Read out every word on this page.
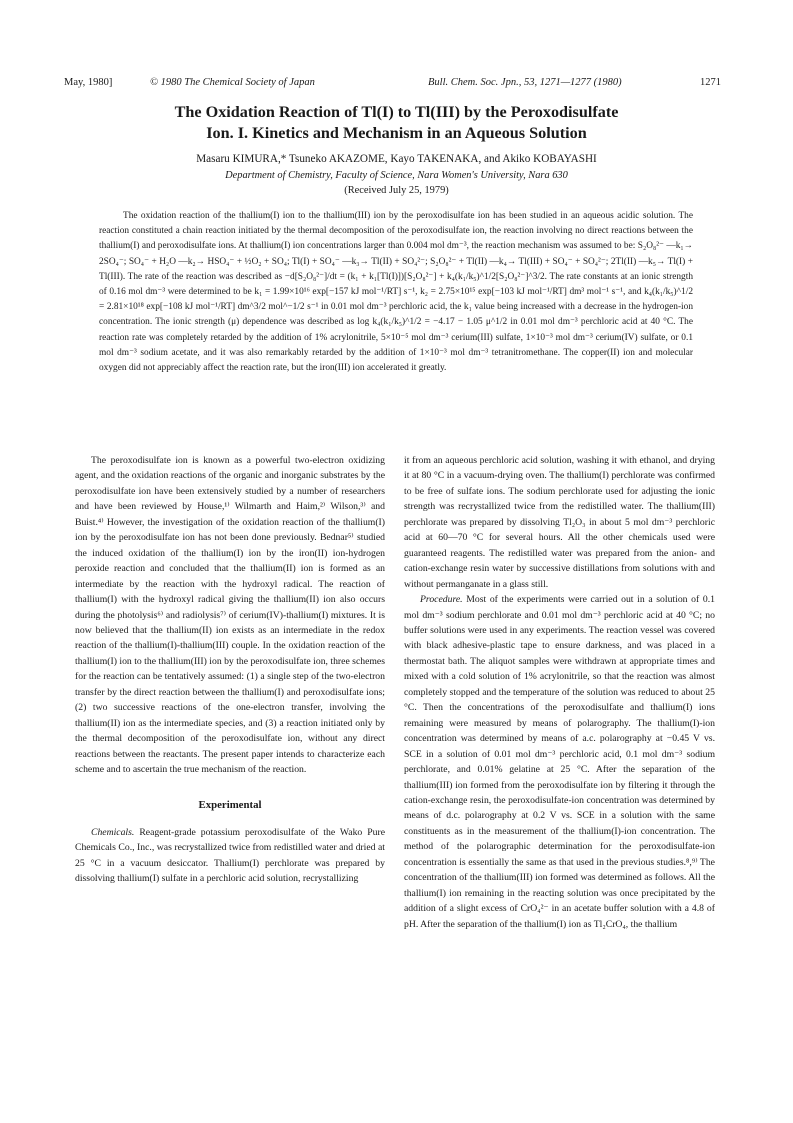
May, 1980]	© 1980 The Chemical Society of Japan	Bull. Chem. Soc. Jpn., 53, 1271—1277 (1980)	1271
The Oxidation Reaction of Tl(I) to Tl(III) by the Peroxodisulfate
Ion. I. Kinetics and Mechanism in an Aqueous Solution
Masaru KIMURA,* Tsuneko AKAZOME, Kayo TAKENAKA, and Akiko KOBAYASHI
Department of Chemistry, Faculty of Science, Nara Women's University, Nara 630
(Received July 25, 1979)

The oxidation reaction of the thallium(I) ion to the thallium(III) ion by the peroxodisulfate ion has been studied in an aqueous acidic solution. The reaction constituted a chain reaction initiated by the thermal decomposition of the peroxodisulfate ion, the reaction involving no direct reactions between the thallium(I) and peroxodisulfate ions. At thallium(I) ion concentrations larger than 0.004 mol dm⁻³, the reaction mechanism was assumed to be: S₂O₈²⁻ —k₁→ 2SO₄⁻; SO₄⁻ + H₂O —k₂→ HSO₄⁻ + ½O₂ + SO₄; Tl(I) + SO₄⁻ —k₃→ Tl(II) + SO₄²⁻; S₂O₈²⁻ + Tl(II) —k₄→ Tl(III) + SO₄⁻ + SO₄²⁻; 2Tl(II) —k₅→ Tl(I) + Tl(III). The rate of the reaction was described as −d[S₂O₈²⁻]/dt = (k₁ + k₁[Tl(I)])[S₂O₈²⁻] + k₄(k₁/k₅)^1/2[S₂O₈²⁻]^3/2. The rate constants at an ionic strength of 0.16 mol dm⁻³ were determined to be k₁ = 1.99×10¹⁶ exp[−157 kJ mol⁻¹/RT] s⁻¹, k₂ = 2.75×10¹⁵ exp[−103 kJ mol⁻¹/RT] dm³ mol⁻¹ s⁻¹, and k₄(k₁/k₅)^1/2 = 2.81×10¹⁸ exp[−108 kJ mol⁻¹/RT] dm^3/2 mol^−1/2 s⁻¹ in 0.01 mol dm⁻³ perchloric acid, the k₁ value being increased with a decrease in the hydrogen-ion concentration. The ionic strength (μ) dependence was described as log k₄(k₁/k₅)^1/2 = −4.17 − 1.05 μ^1/2 in 0.01 mol dm⁻³ perchloric acid at 40 °C. The reaction rate was completely retarded by the addition of 1% acrylonitrile, 5×10⁻⁵ mol dm⁻³ cerium(III) sulfate, 1×10⁻³ mol dm⁻³ cerium(IV) sulfate, or 0.1 mol dm⁻³ sodium acetate, and it was also remarkably retarded by the addition of 1×10⁻³ mol dm⁻³ tetranitromethane. The copper(II) ion and molecular oxygen did not appreciably affect the reaction rate, but the iron(III) ion accelerated it greatly.

The peroxodisulfate ion is known as a powerful two-electron oxidizing agent, and the oxidation reactions of the organic and inorganic substrates by the peroxodisulfate ion have been extensively studied by a number of researchers and have been reviewed by House,¹⁾ Wilmarth and Haim,²⁾ Wilson,³⁾ and Buist.⁴⁾ However, the investigation of the oxidation reaction of the thallium(I) ion by the peroxodisulfate ion has not been done previously. Bednar⁵⁾ studied the induced oxidation of the thallium(I) ion by the iron(II) ion-hydrogen peroxide reaction and concluded that the thallium(II) ion is formed as an intermediate by the reaction with the hydroxyl radical. The reaction of thallium(I) with the hydroxyl radical giving the thallium(II) ion also occurs during the photolysis⁶⁾ and radiolysis⁷⁾ of cerium(IV)-thallium(I) mixtures. It is now believed that the thallium(II) ion exists as an intermediate in the redox reaction of the thallium(I)-thallium(III) couple. In the oxidation reaction of the thallium(I) ion to the thallium(III) ion by the peroxodisulfate ion, three schemes for the reaction can be tentatively assumed: (1) a single step of the two-electron transfer by the direct reaction between the thallium(I) and peroxodisulfate ions; (2) two successive reactions of the one-electron transfer, involving the thallium(II) ion as the intermediate species, and (3) a reaction initiated only by the thermal decomposition of the peroxodisulfate ion, without any direct reactions between the reactants. The present paper intends to characterize each scheme and to ascertain the true mechanism of the reaction.

Experimental

Chemicals. Reagent-grade potassium peroxodisulfate of the Wako Pure Chemicals Co., Inc., was recrystallized twice from redistilled water and dried at 25 °C in a vacuum desiccator. Thallium(I) perchlorate was prepared by dissolving thallium(I) sulfate in a perchloric acid solution, recrystallizing

it from an aqueous perchloric acid solution, washing it with ethanol, and drying it at 80 °C in a vacuum-drying oven. The thallium(I) perchlorate was confirmed to be free of sulfate ions. The sodium perchlorate used for adjusting the ionic strength was recrystallized twice from the redistilled water. The thallium(III) perchlorate was prepared by dissolving Tl₂O₃ in about 5 mol dm⁻³ perchloric acid at 60—70 °C for several hours. All the other chemicals used were guaranteed reagents. The redistilled water was prepared from the anion- and cation-exchange resin water by successive distillations from solutions with and without permanganate in a glass still.

Procedure. Most of the experiments were carried out in a solution of 0.1 mol dm⁻³ sodium perchlorate and 0.01 mol dm⁻³ perchloric acid at 40 °C; no buffer solutions were used in any experiments. The reaction vessel was covered with black adhesive-plastic tape to ensure darkness, and was placed in a thermostat bath. The aliquot samples were withdrawn at appropriate times and mixed with a cold solution of 1% acrylonitrile, so that the reaction was almost completely stopped and the temperature of the solution was reduced to about 25 °C. Then the concentrations of the peroxodisulfate and thallium(I) ions remaining were measured by means of polarography. The thallium(I)-ion concentration was determined by means of a.c. polarography at −0.45 V vs. SCE in a solution of 0.01 mol dm⁻³ perchloric acid, 0.1 mol dm⁻³ sodium perchlorate, and 0.01% gelatine at 25 °C. After the separation of the thallium(III) ion formed from the peroxodisulfate ion by filtering it through the cation-exchange resin, the peroxodisulfate-ion concentration was determined by means of d.c. polarography at 0.2 V vs. SCE in a solution with the same constituents as in the measurement of the thallium(I)-ion concentration. The method of the polarographic determination for the peroxodisulfate-ion concentration is essentially the same as that used in the previous studies.⁸,⁹⁾ The concentration of the thallium(III) ion formed was determined as follows. All the thallium(I) ion remaining in the reacting solution was once precipitated by the addition of a slight excess of CrO₄²⁻ in an acetate buffer solution with a 4.8 of pH. After the separation of the thallium(I) ion as Tl₂CrO₄, the thallium
